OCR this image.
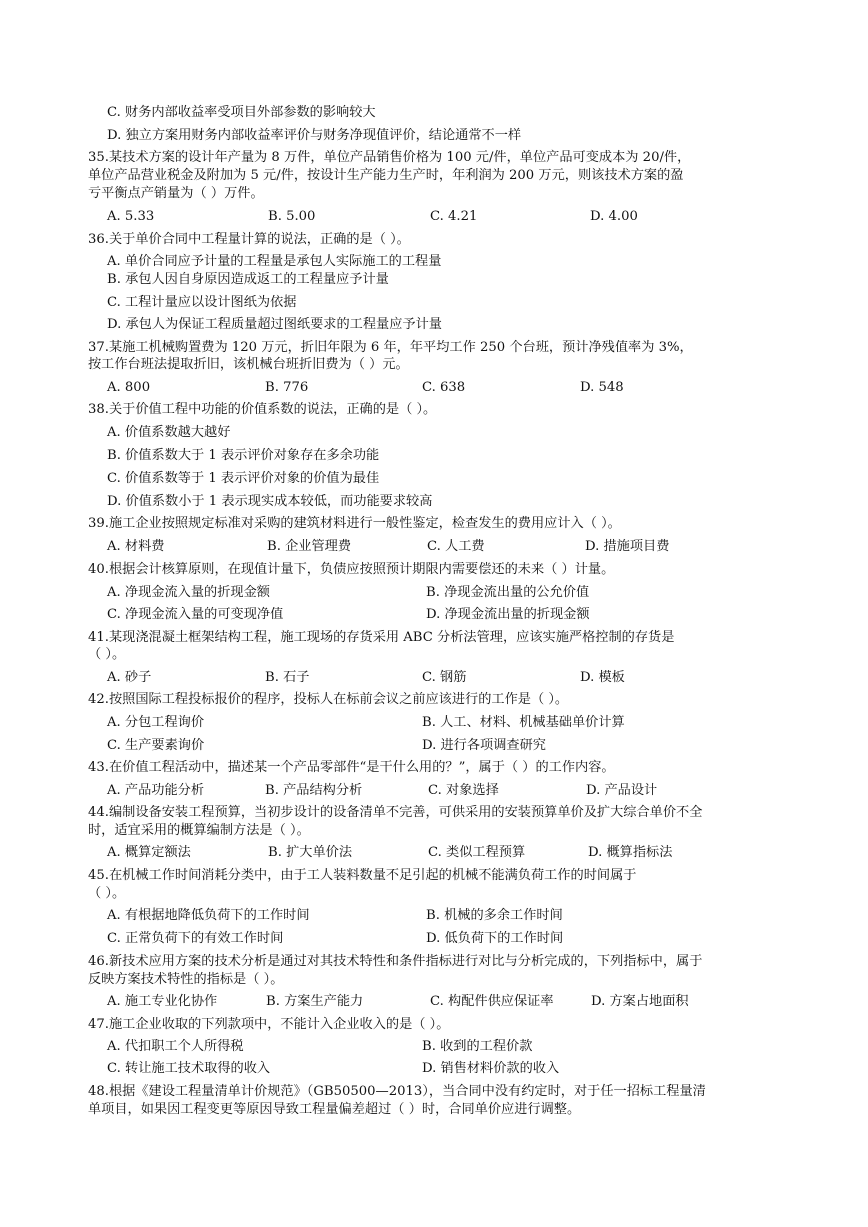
C. 财务内部收益率受项目外部参数的影响较大
D. 独立方案用财务内部收益率评价与财务净现值评价，结论通常不一样
35.某技术方案的设计年产量为 8 万件，单位产品销售价格为 100 元/件，单位产品可变成本为 20/件，
单位产品营业税金及附加为 5 元/件，按设计生产能力生产时，年利润为 200 万元，则该技术方案的盈
亏平衡点产销量为（ ）万件。
A. 5.33	B. 5.00	C. 4.21	D. 4.00
36.关于单价合同中工程量计算的说法，正确的是（ ）。
A. 单价合同应予计量的工程量是承包人实际施工的工程量
B. 承包人因自身原因造成返工的工程量应予计量
C. 工程计量应以设计图纸为依据
D. 承包人为保证工程质量超过图纸要求的工程量应予计量
37.某施工机械购置费为 120 万元，折旧年限为 6 年，年平均工作 250 个台班，预计净残值率为 3%，
按工作台班法提取折旧，该机械台班折旧费为（ ）元。
A. 800	B. 776	C. 638	D. 548
38.关于价值工程中功能的价值系数的说法，正确的是（ ）。
A. 价值系数越大越好
B. 价值系数大于 1 表示评价对象存在多余功能
C. 价值系数等于 1 表示评价对象的价值为最佳
D. 价值系数小于 1 表示现实成本较低，而功能要求较高
39.施工企业按照规定标准对采购的建筑材料进行一般性鉴定，检查发生的费用应计入（ ）。
A. 材料费	B. 企业管理费	C. 人工费	D. 措施项目费
40.根据会计核算原则，在现值计量下，负债应按照预计期限内需要偿还的未来（ ）计量。
A. 净现金流入量的折现金额	B. 净现金流出量的公允价值
C. 净现金流入量的可变现净值	D. 净现金流出量的折现金额
41.某现浇混凝土框架结构工程，施工现场的存货采用 ABC 分析法管理，应该实施严格控制的存货是
（ ）。
A. 砂子	B. 石子	C. 钢筋	D. 模板
42.按照国际工程投标报价的程序，投标人在标前会议之前应该进行的工作是（ ）。
A. 分包工程询价	B. 人工、材料、机械基础单价计算
C. 生产要素询价	D. 进行各项调查研究
43.在价值工程活动中，描述某一个产品零部件“是干什么用的？”，属于（ ）的工作内容。
A. 产品功能分析	B. 产品结构分析	C. 对象选择	D. 产品设计
44.编制设备安装工程预算，当初步设计的设备清单不完善，可供采用的安装预算单价及扩大综合单价不全
时，适宜采用的概算编制方法是（ ）。
A. 概算定额法	B. 扩大单价法	C. 类似工程预算	D. 概算指标法
45.在机械工作时间消耗分类中，由于工人装料数量不足引起的机械不能满负荷工作的时间属于
（ ）。
A. 有根据地降低负荷下的工作时间	B. 机械的多余工作时间
C. 正常负荷下的有效工作时间	D. 低负荷下的工作时间
46.新技术应用方案的技术分析是通过对其技术特性和条件指标进行对比与分析完成的，下列指标中，属于
反映方案技术特性的指标是（ ）。
A. 施工专业化协作	B. 方案生产能力	C. 构配件供应保证率	D. 方案占地面积
47.施工企业收取的下列款项中，不能计入企业收入的是（ ）。
A. 代扣职工个人所得税	B. 收到的工程价款
C. 转让施工技术取得的收入	D. 销售材料价款的收入
48.根据《建设工程量清单计价规范》（GB50500—2013），当合同中没有约定时，对于任一招标工程量清
单项目，如果因工程变更等原因导致工程量偏差超过（ ）时，合同单价应进行调整。
